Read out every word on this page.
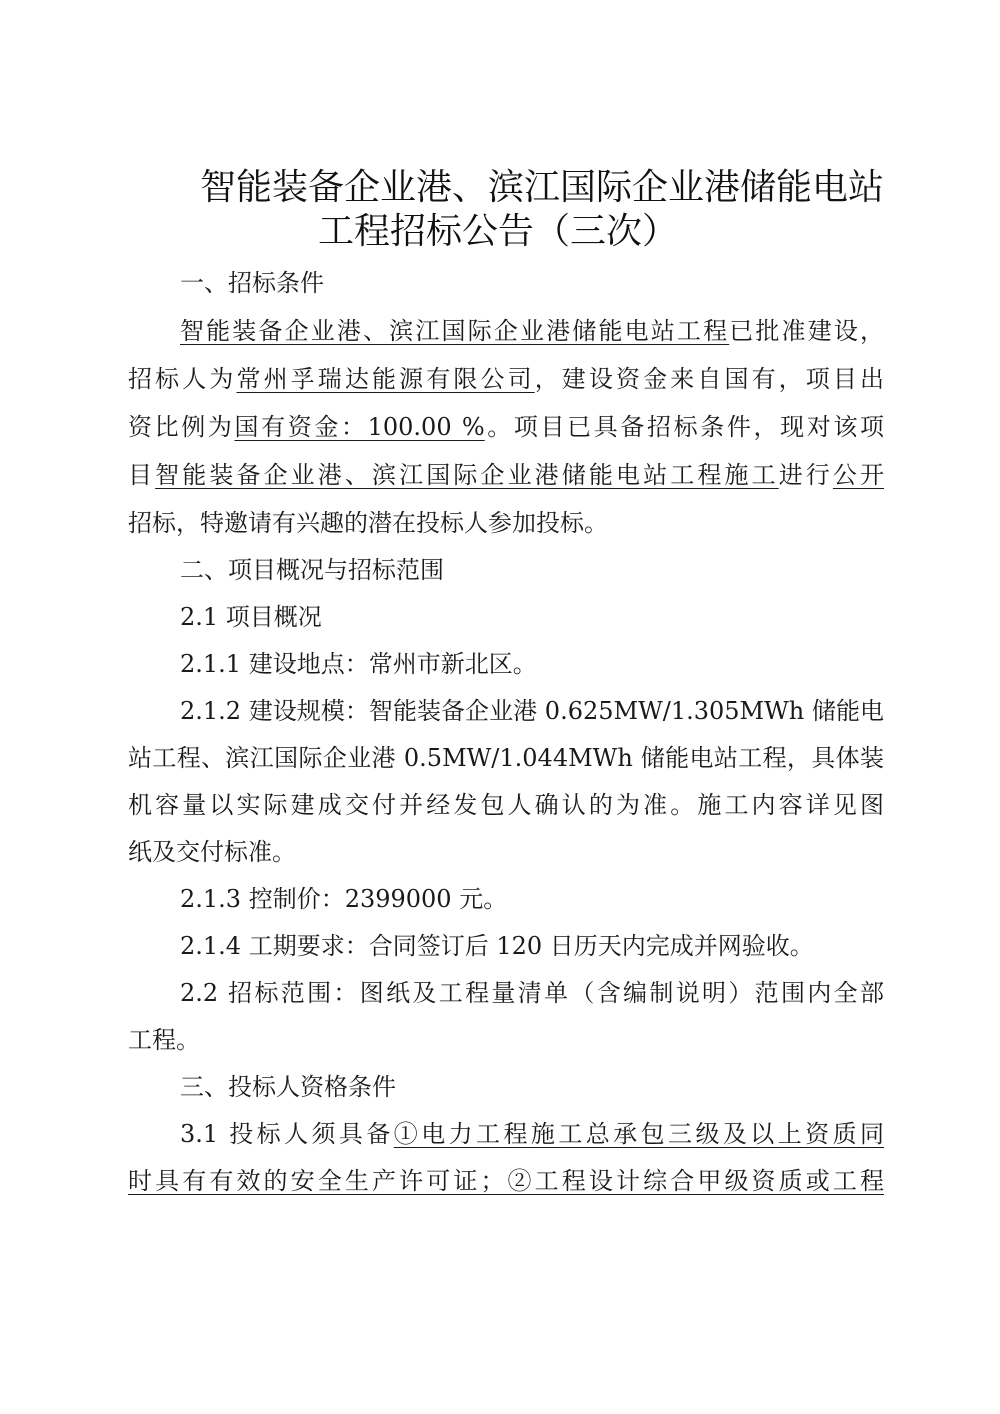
智能装备企业港、滨江国际企业港储能电站
工程招标公告（三次）
一、招标条件
智能装备企业港、滨江国际企业港储能电站工程已批准建设，
招标人为常州孚瑞达能源有限公司，建设资金来自国有，项目出
资比例为国有资金：100.00 %。项目已具备招标条件，现对该项
目智能装备企业港、滨江国际企业港储能电站工程施工进行公开
招标，特邀请有兴趣的潜在投标人参加投标。
二、项目概况与招标范围
2.1 项目概况
2.1.1 建设地点：常州市新北区。
2.1.2 建设规模：智能装备企业港 0.625MW/1.305MWh 储能电
站工程、滨江国际企业港 0.5MW/1.044MWh 储能电站工程，具体装
机容量以实际建成交付并经发包人确认的为准。施工内容详见图
纸及交付标准。
2.1.3 控制价：2399000 元。
2.1.4 工期要求：合同签订后 120 日历天内完成并网验收。
2.2 招标范围：图纸及工程量清单（含编制说明）范围内全部
工程。
三、投标人资格条件
3.1 投标人须具备①电力工程施工总承包三级及以上资质同
时具有有效的安全生产许可证；②工程设计综合甲级资质或工程
